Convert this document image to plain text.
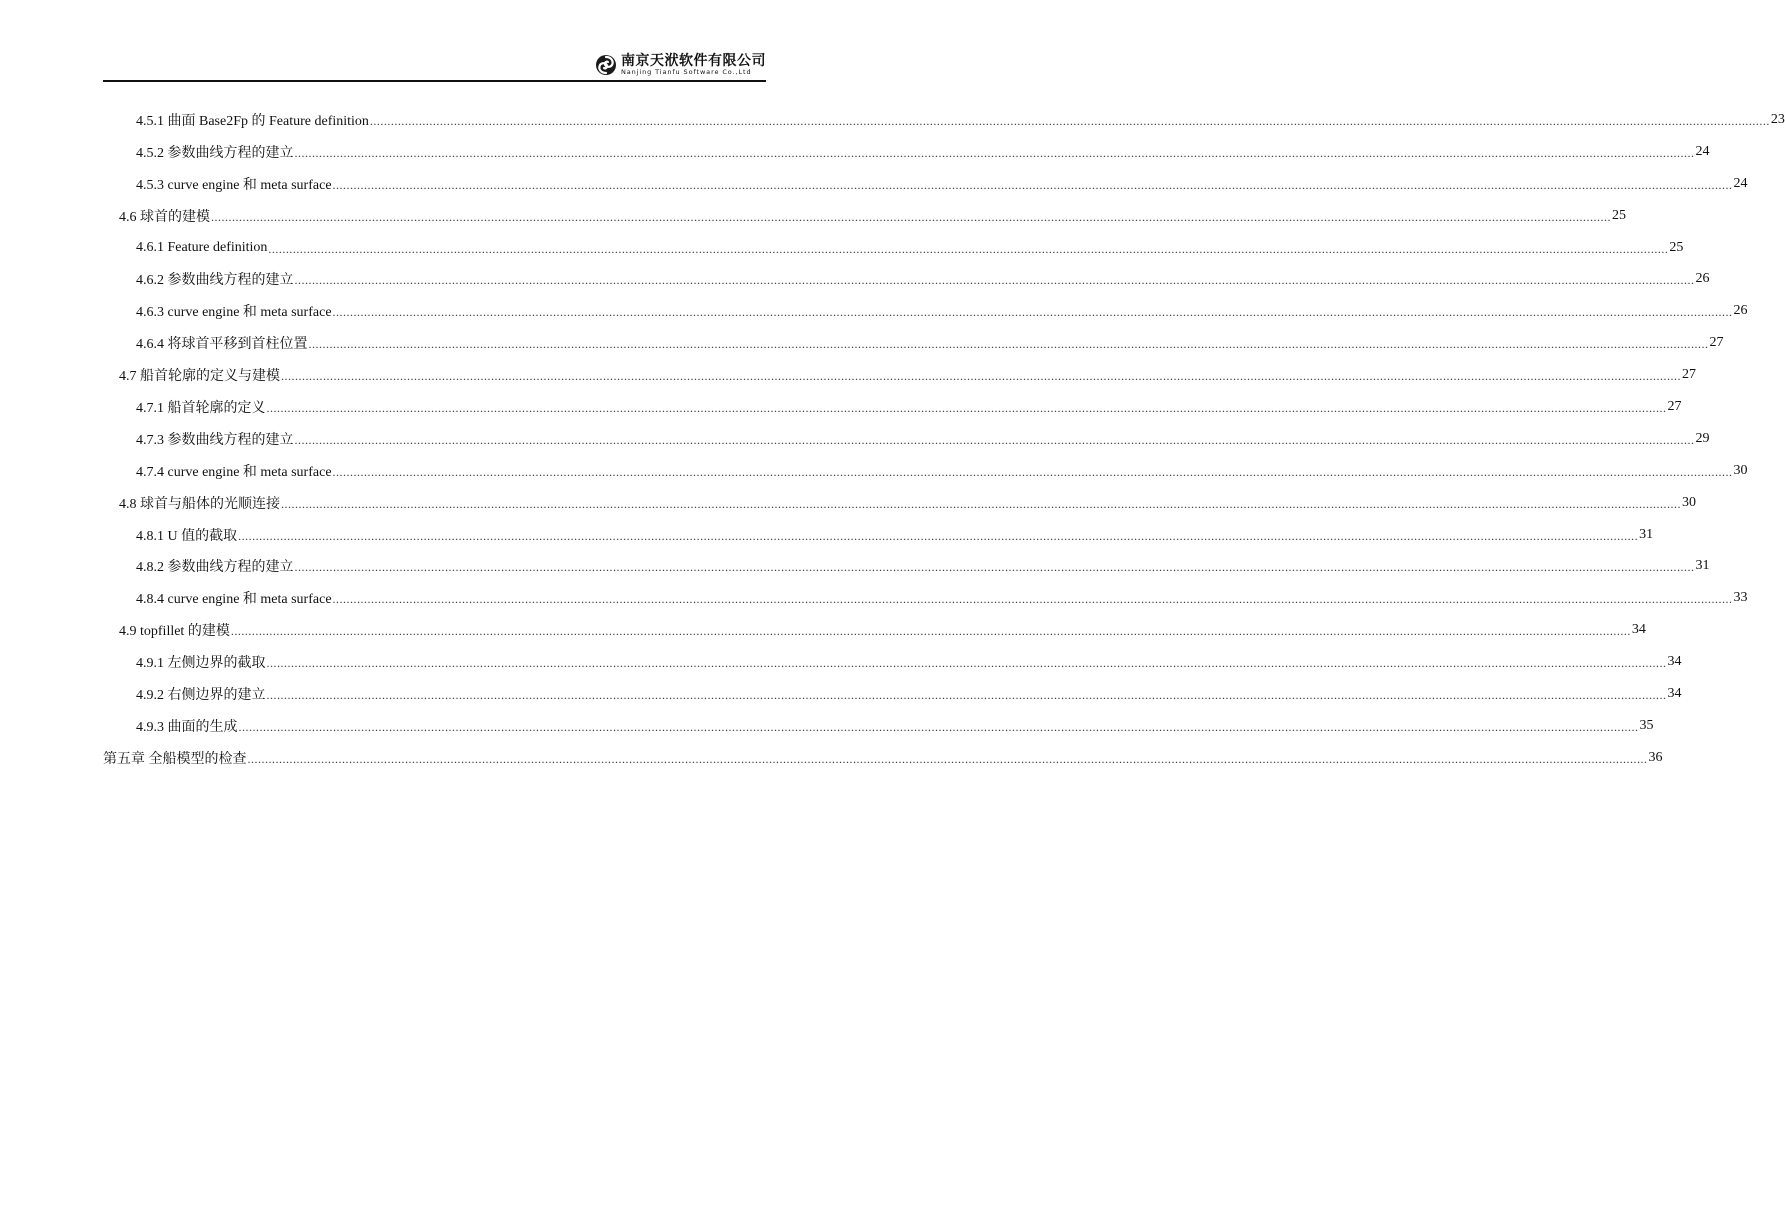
南京天洑软件有限公司
Nanjing Tianfu Software Co.,Ltd
4.5.1 曲面 Base2Fp 的 Feature definition ................................................................................................................................................................................................................................................................................................................................................................................................................ 23
4.5.2 参数曲线方程的建立 ................................................................................................................................................................................................................................................................................................................................................................................................................ 24
4.5.3 curve engine 和 meta surface ................................................................................................................................................................................................................................................................................................................................................................................................................ 24
4.6 球首的建模 ................................................................................................................................................................................................................................................................................................................................................................................................................ 25
4.6.1 Feature definition ................................................................................................................................................................................................................................................................................................................................................................................................................ 25
4.6.2 参数曲线方程的建立 ................................................................................................................................................................................................................................................................................................................................................................................................................ 26
4.6.3 curve engine 和 meta surface ................................................................................................................................................................................................................................................................................................................................................................................................................ 26
4.6.4 将球首平移到首柱位置 ................................................................................................................................................................................................................................................................................................................................................................................................................ 27
4.7 船首轮廓的定义与建模 ................................................................................................................................................................................................................................................................................................................................................................................................................ 27
4.7.1 船首轮廓的定义 ................................................................................................................................................................................................................................................................................................................................................................................................................ 27
4.7.3 参数曲线方程的建立 ................................................................................................................................................................................................................................................................................................................................................................................................................ 29
4.7.4 curve engine 和 meta surface ................................................................................................................................................................................................................................................................................................................................................................................................................ 30
4.8 球首与船体的光顺连接 ................................................................................................................................................................................................................................................................................................................................................................................................................ 30
4.8.1 U 值的截取 ................................................................................................................................................................................................................................................................................................................................................................................................................ 31
4.8.2 参数曲线方程的建立 ................................................................................................................................................................................................................................................................................................................................................................................................................ 31
4.8.4 curve engine 和 meta surface ................................................................................................................................................................................................................................................................................................................................................................................................................ 33
4.9 topfillet 的建模 ................................................................................................................................................................................................................................................................................................................................................................................................................ 34
4.9.1 左侧边界的截取 ................................................................................................................................................................................................................................................................................................................................................................................................................ 34
4.9.2 右侧边界的建立 ................................................................................................................................................................................................................................................................................................................................................................................................................ 34
4.9.3 曲面的生成 ................................................................................................................................................................................................................................................................................................................................................................................................................ 35
第五章 全船模型的检查 ................................................................................................................................................................................................................................................................................................................................................................................................................ 36
